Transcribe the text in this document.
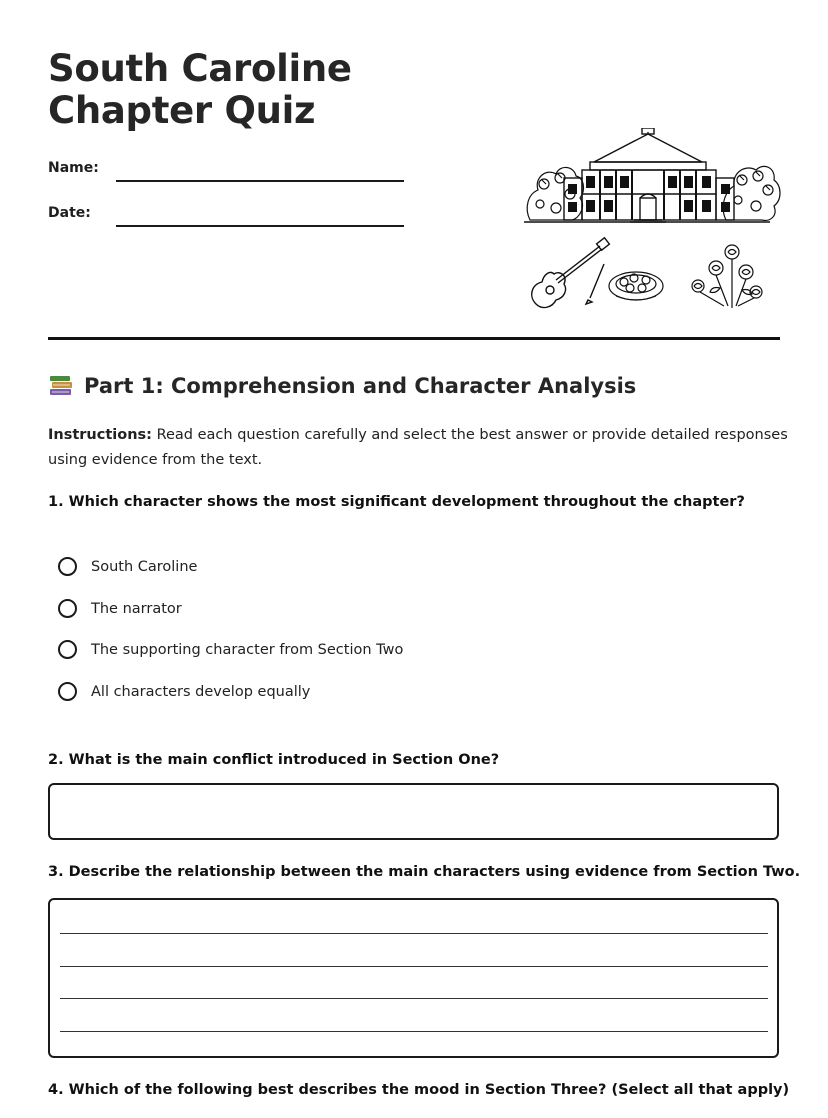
South Caroline Chapter Quiz
Name:
Date:
Part 1: Comprehension and Character Analysis
Instructions: Read each question carefully and select the best answer or provide detailed responses using evidence from the text.
1. Which character shows the most significant development throughout the chapter?
South Caroline
The narrator
The supporting character from Section Two
All characters develop equally
2. What is the main conflict introduced in Section One?
3. Describe the relationship between the main characters using evidence from Section Two.
4. Which of the following best describes the mood in Section Three? (Select all that apply)
